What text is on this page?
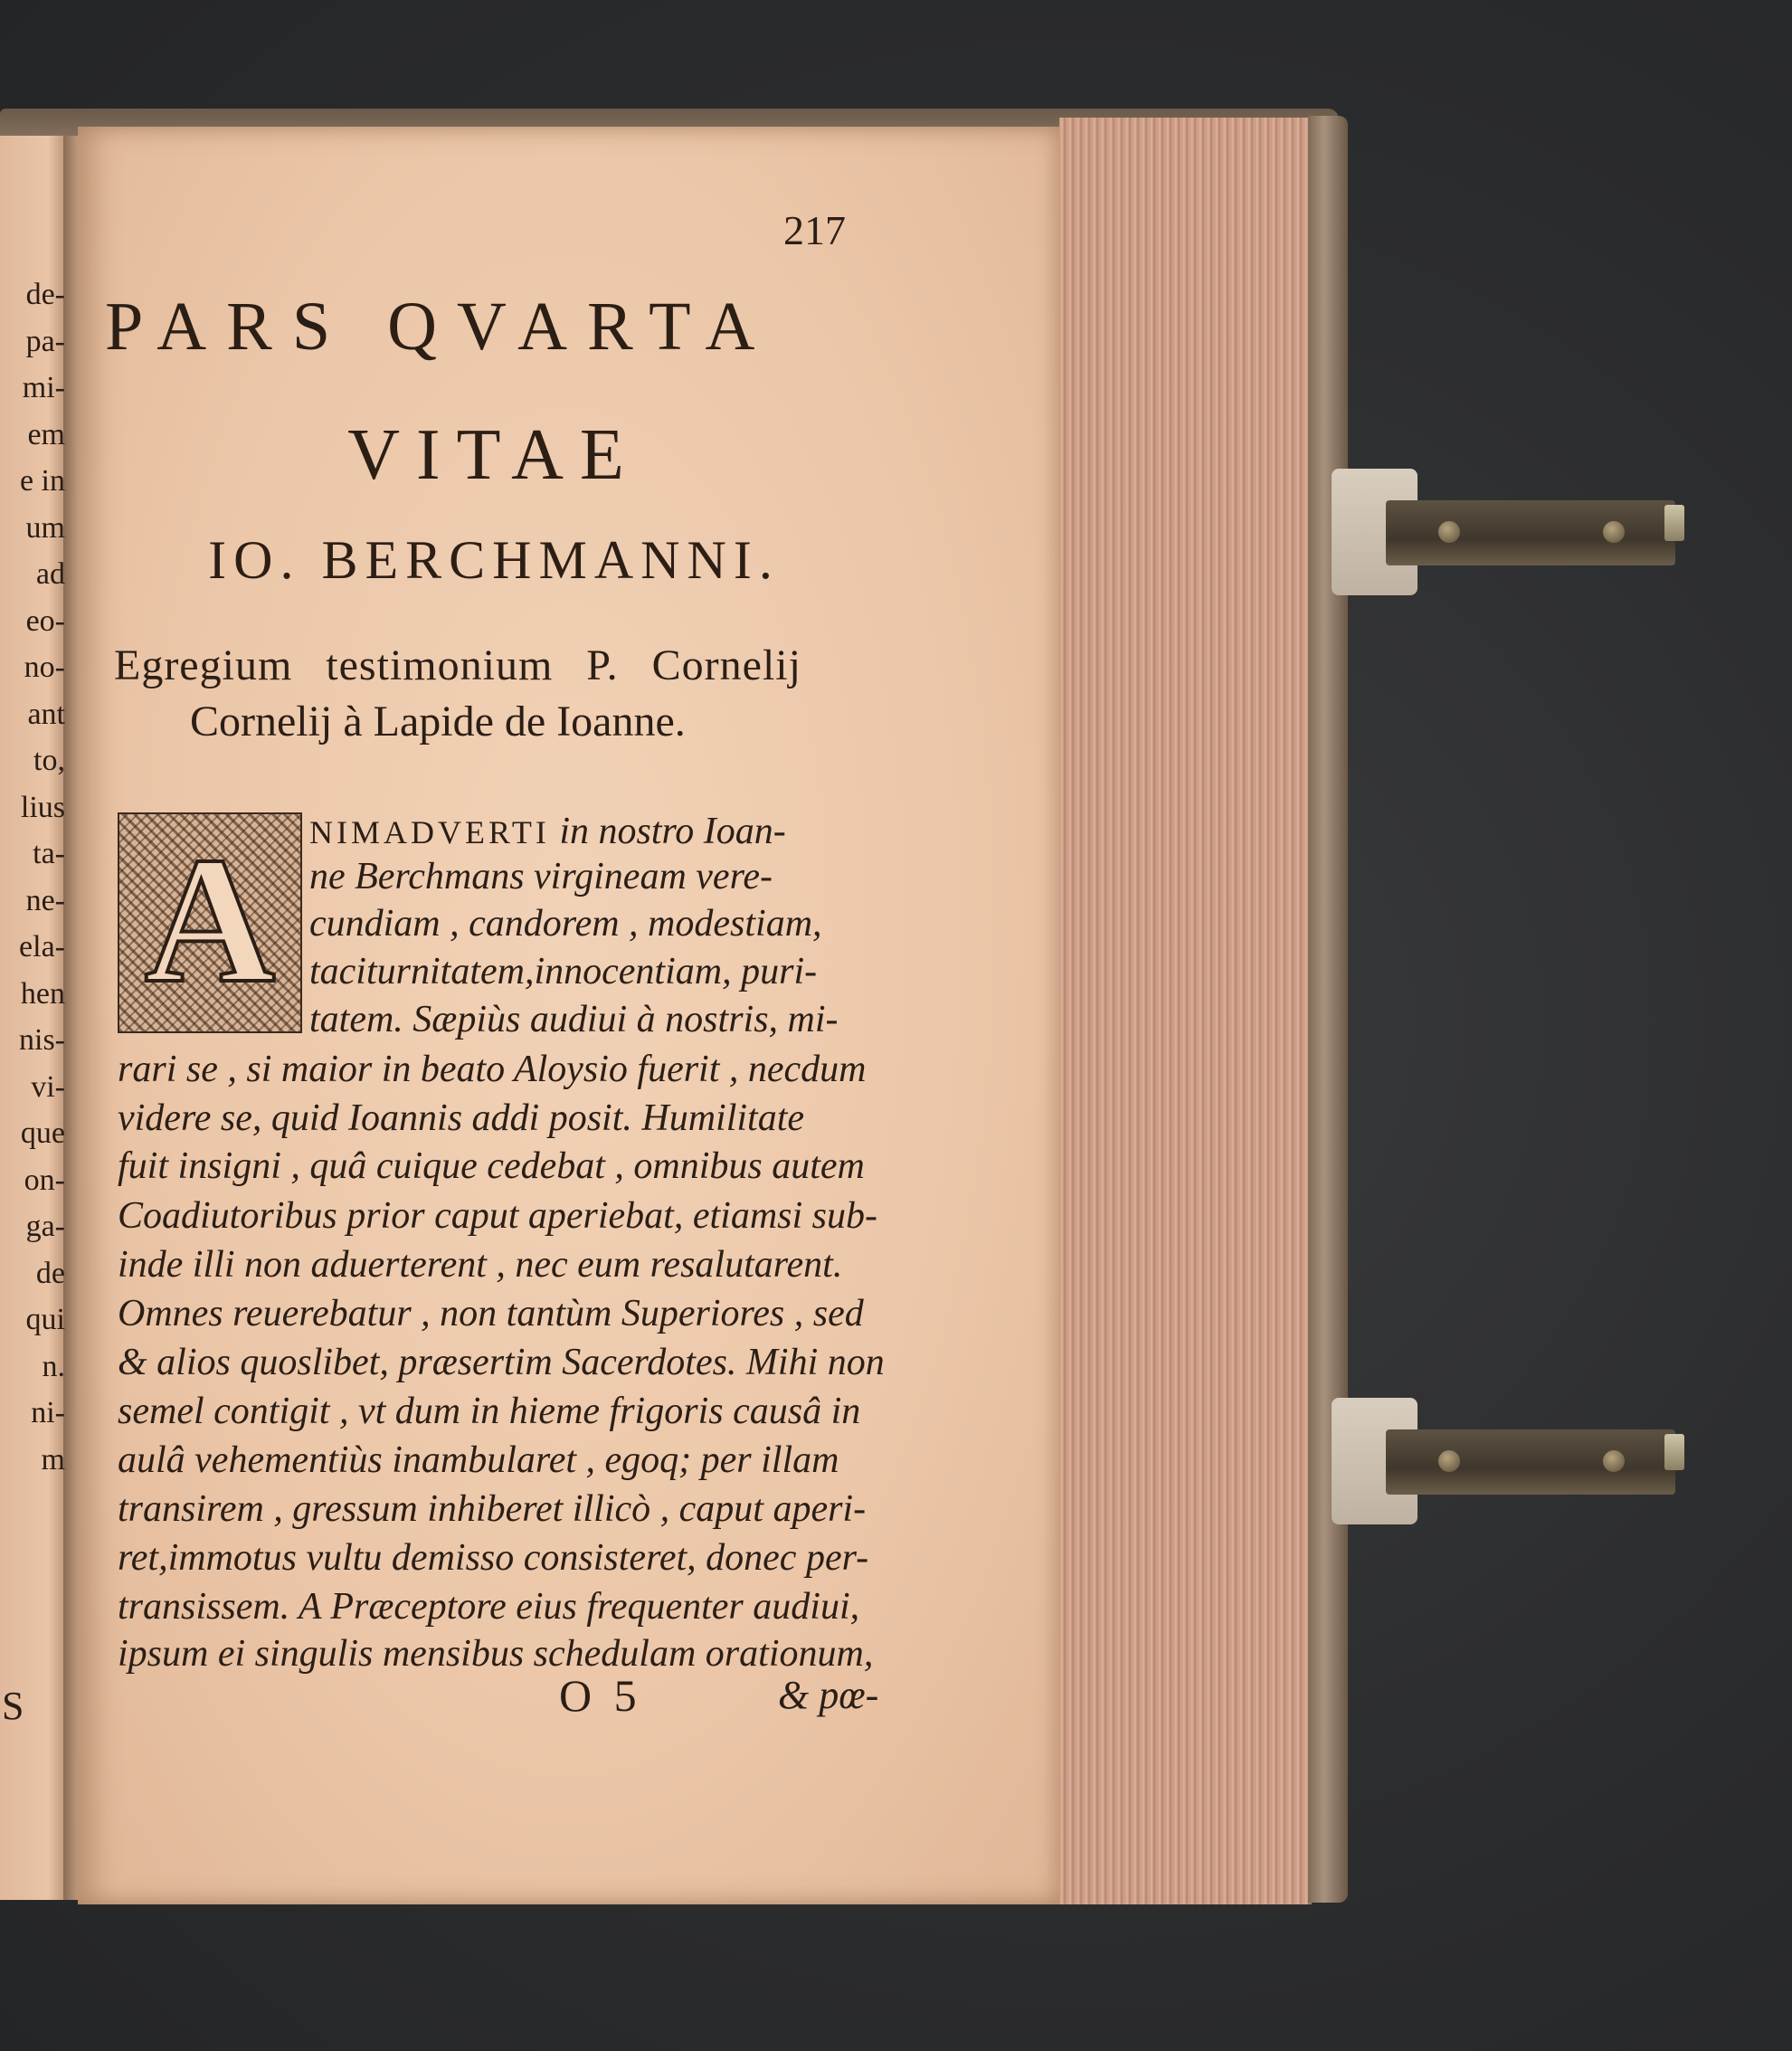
de-
pa-
mi-
em
e in
um
ad
eo-
no-
ant
to,
lius
ta-
ne-
ela-
hen
nis-
vi-
que
on-
ga-
de
qui
n.
ni-
m
S
217
PARS QVARTA
VITAE
IO. BERCHMANNI.
Egregium testimonium P. Cornelij
Cornelij à Lapide de Ioanne.
A	NIMADVERTI in nostro Ioan-
ne Berchmans virgineam vere-
cundiam , candorem , modestiam,
taciturnitatem,innocentiam, puri-
tatem. Sæpiùs audiui à nostris, mi-
rari se , si maior in beato Aloysio fuerit , necdum
videre se, quid Ioannis addi posit. Humilitate
fuit insigni , quâ cuique cedebat , omnibus autem
Coadiutoribus prior caput aperiebat, etiamsi sub-
inde illi non aduerterent , nec eum resalutarent.
Omnes reuerebatur , non tantùm Superiores , sed
& alios quoslibet, præsertim Sacerdotes. Mihi non
semel contigit , vt dum in hieme frigoris causâ in
aulâ vehementiùs inambularet , egoq; per illam
transirem , gressum inhiberet illicò , caput aperi-
ret,immotus vultu demisso consisteret, donec per-
transissem. A Præceptore eius frequenter audiui,
ipsum ei singulis mensibus schedulam orationum,
O 5	& pœ-
